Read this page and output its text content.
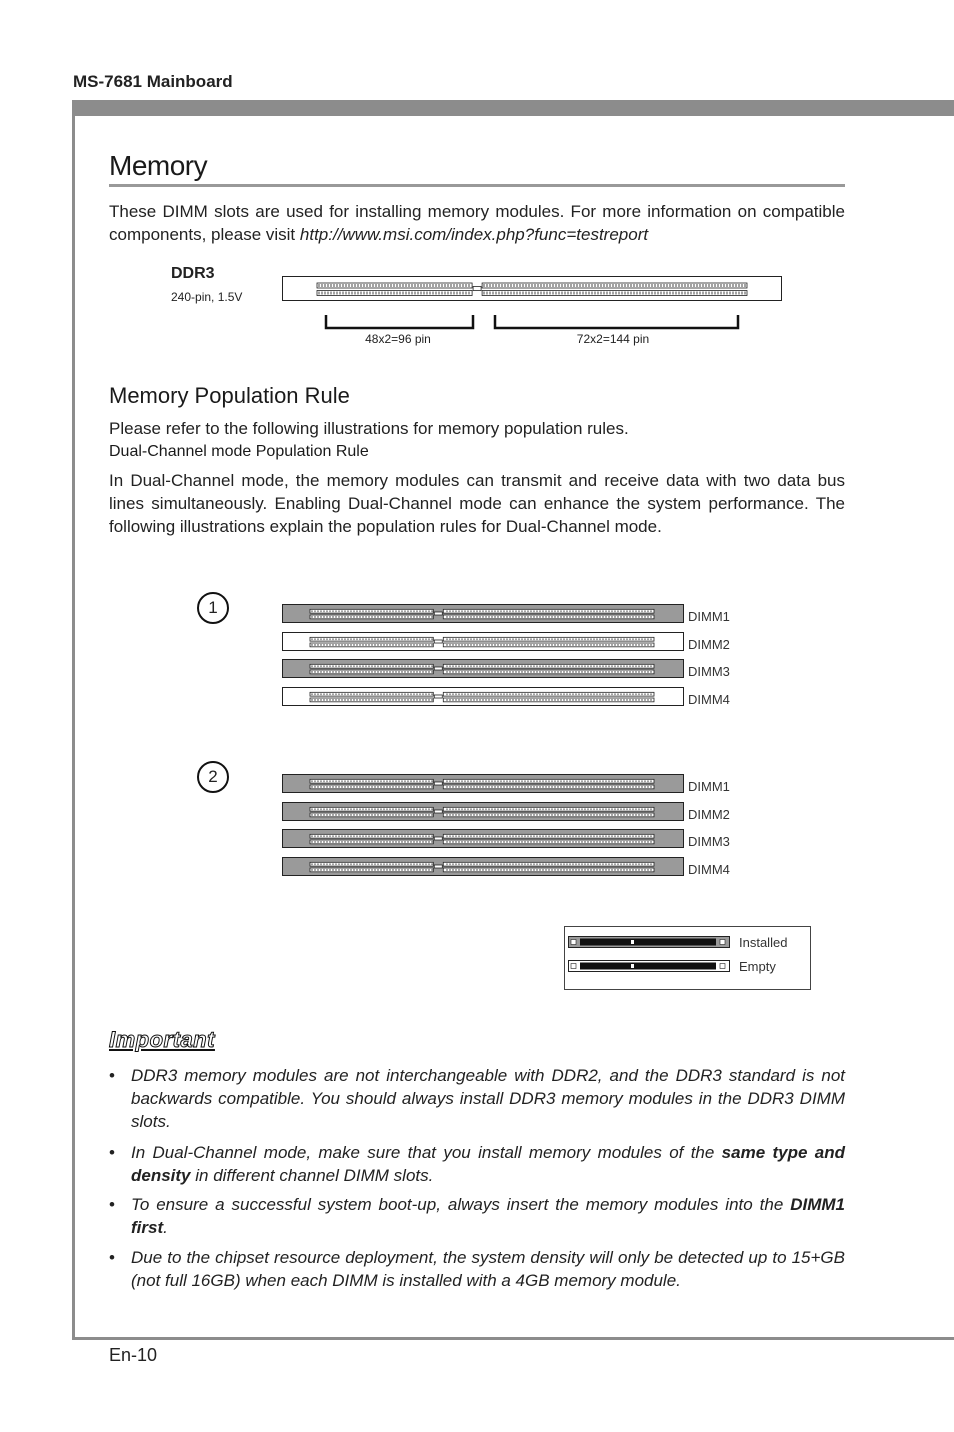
MS-7681 Mainboard
Memory
These DIMM slots are used for installing memory modules. For more information on compatible components, please visit http://www.msi.com/index.php?func=testreport
DDR3
240-pin, 1.5V
48x2=96 pin	72x2=144 pin
Memory Population Rule
Please refer to the following illustrations for memory population rules.
Dual-Channel mode Population Rule
In Dual-Channel mode, the memory modules can transmit and receive data with two data bus lines simultaneously. Enabling Dual-Channel mode can enhance the system performance. The following illustrations explain the population rules for Dual-Channel mode.
1
2
DIMM1
DIMM2
DIMM3
DIMM4
DIMM1
DIMM2
DIMM3
DIMM4
Installed
Empty
Important
• DDR3 memory modules are not interchangeable with DDR2, and the DDR3 standard is not backwards compatible. You should always install DDR3 memory modules in the DDR3 DIMM slots.
• In Dual-Channel mode, make sure that you install memory modules of the same type and density in different channel DIMM slots.
• To ensure a successful system boot-up, always insert the memory modules into the DIMM1 first.
• Due to the chipset resource deployment, the system density will only be detected up to 15+GB (not full 16GB) when each DIMM is installed with a 4GB memory module.
En-10
